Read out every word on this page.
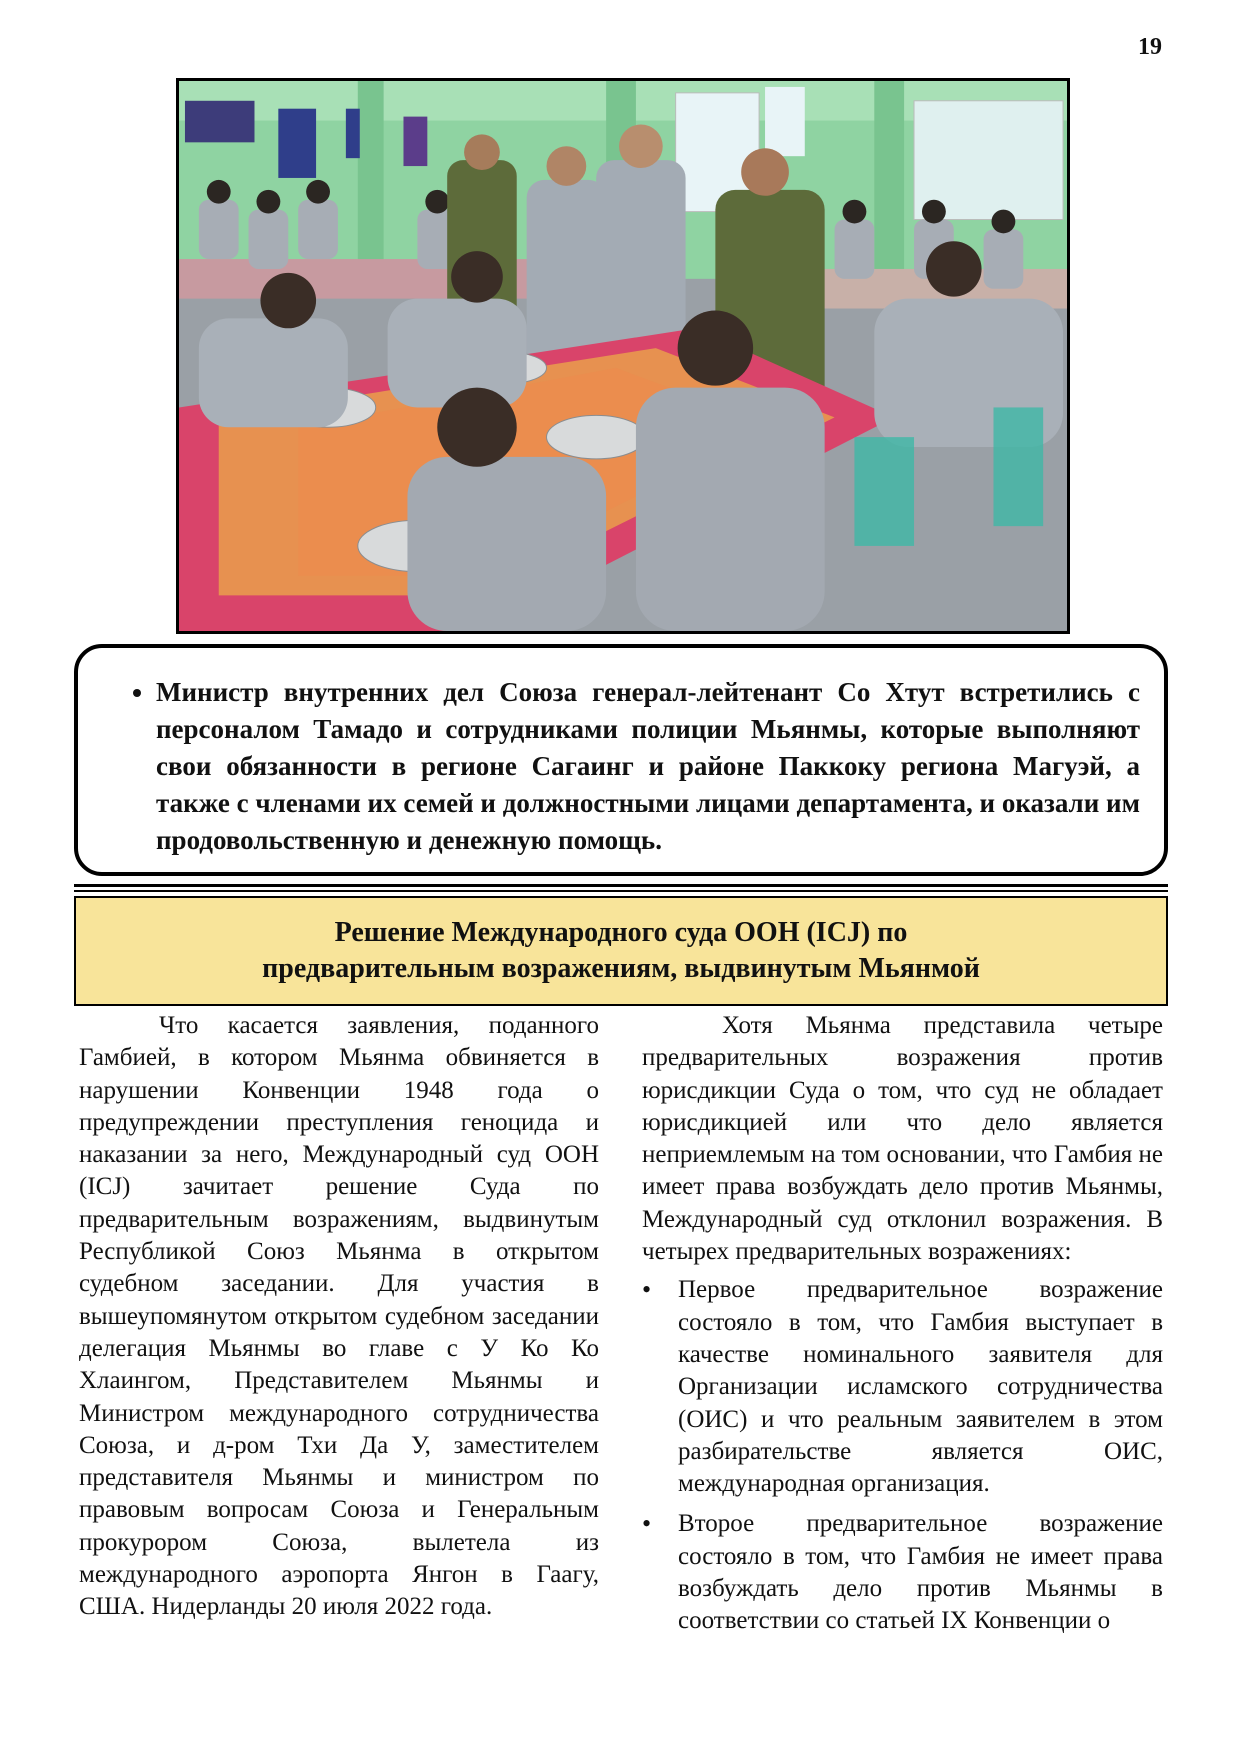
19
• Министр внутренних дел Союза генерал-лейтенант Со Хтут встретились с персоналом Тамадо и сотрудниками полиции Мьянмы, которые выполняют свои обязанности в регионе Сагаинг и районе Паккоку региона Магуэй, а также с членами их семей и должностными лицами департамента, и оказали им продовольственную и денежную помощь.
Решение Международного суда ООН (ICJ) по предварительным возражениям, выдвинутым Мьянмой

Что касается заявления, поданного Гамбией, в котором Мьянма обвиняется в нарушении Конвенции 1948 года о предупреждении преступления геноцида и наказании за него, Международный суд ООН (ICJ) зачитает решение Суда по предварительным возражениям, выдвинутым Республикой Союз Мьянма в открытом судебном заседании. Для участия в вышеупомянутом открытом судебном заседании делегация Мьянмы во главе с У Ко Ко Хлаингом, Представителем Мьянмы и Министром международного сотрудничества Союза, и д-ром Тхи Да У, заместителем представителя Мьянмы и министром по правовым вопросам Союза и Генеральным прокурором Союза, вылетела из международного аэропорта Янгон в Гаагу, США. Нидерланды 20 июля 2022 года.

Хотя Мьянма представила четыре предварительных возражения против юрисдикции Суда о том, что суд не обладает юрисдикцией или что дело является неприемлемым на том основании, что Гамбия не имеет права возбуждать дело против Мьянмы, Международный суд отклонил возражения. В четырех предварительных возражениях:

• Первое предварительное возражение состояло в том, что Гамбия выступает в качестве номинального заявителя для Организации исламского сотрудничества (ОИС) и что реальным заявителем в этом разбирательстве является ОИС, международная организация.
• Второе предварительное возражение состояло в том, что Гамбия не имеет права возбуждать дело против Мьянмы в соответствии со статьей IX Конвенции о
